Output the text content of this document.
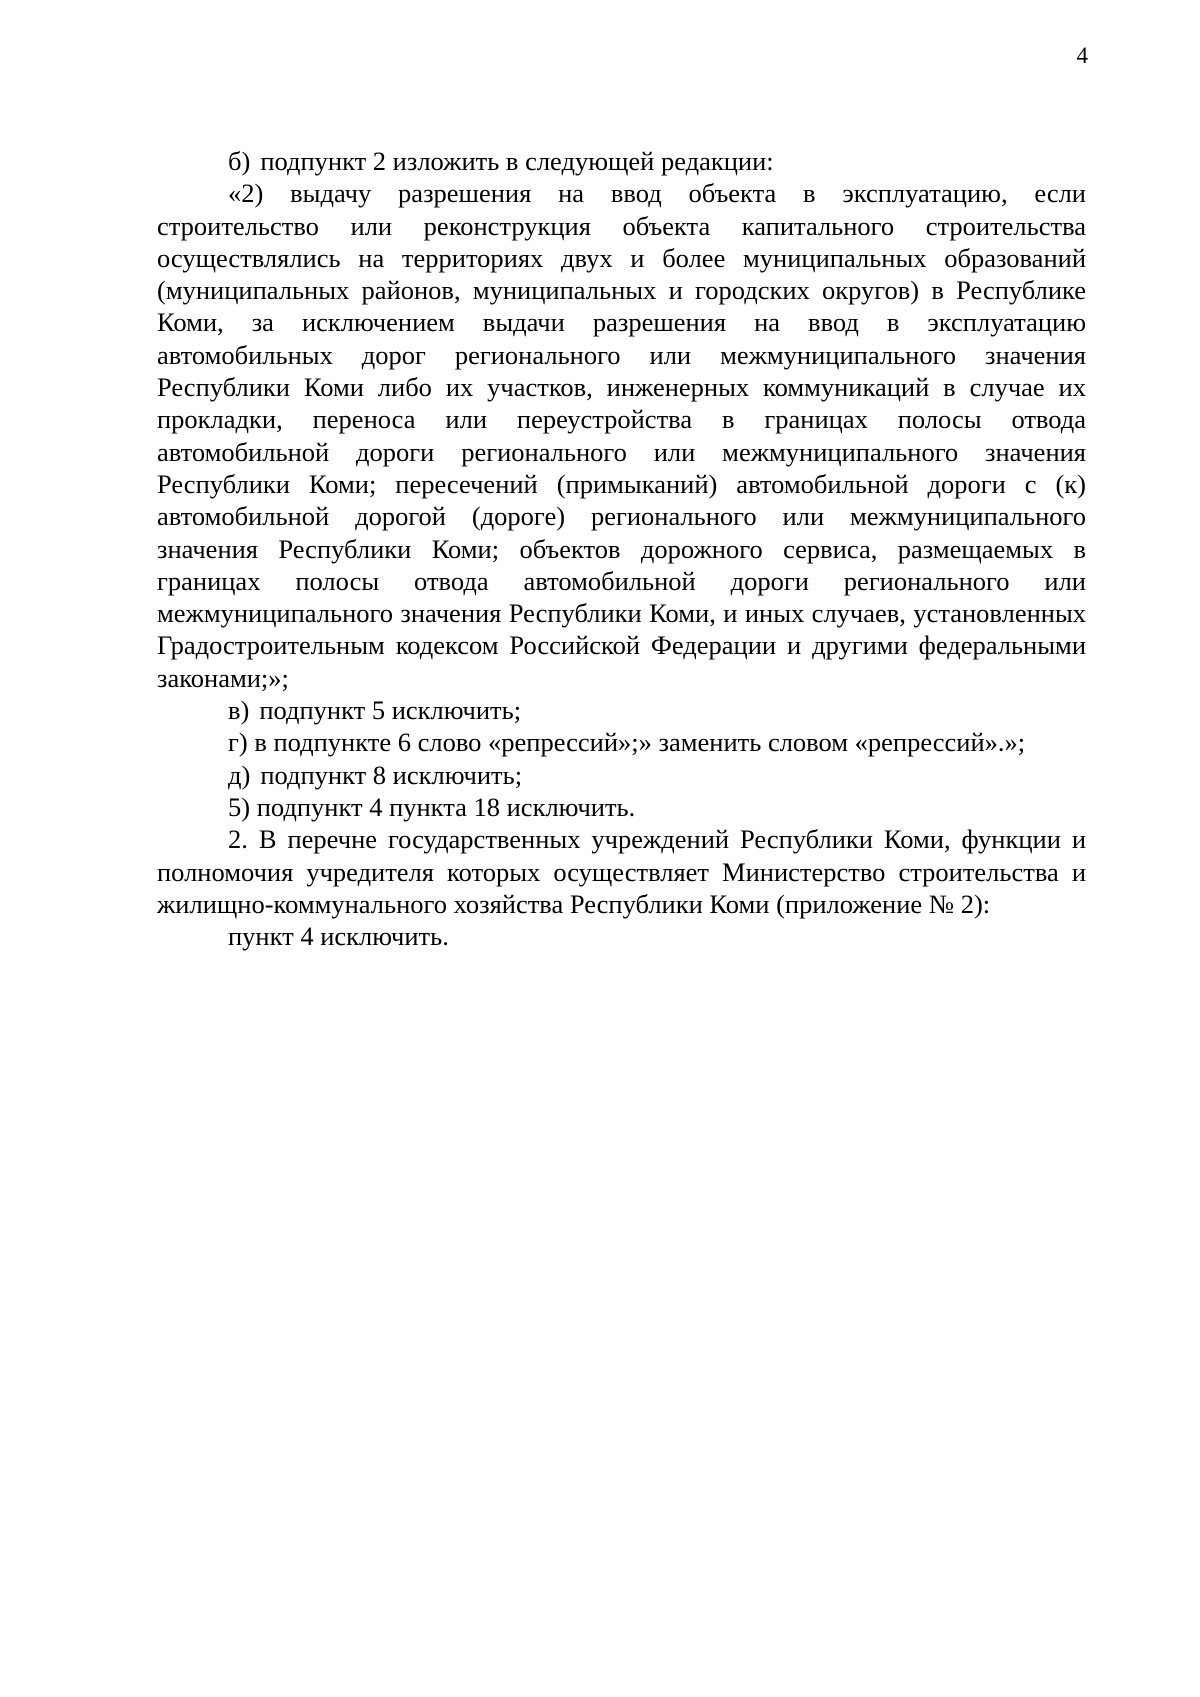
4

б) подпункт 2 изложить в следующей редакции:

«2) выдачу разрешения на ввод объекта в эксплуатацию, если строительство или реконструкция объекта капитального строительства осуществлялись на территориях двух и более муниципальных образований (муниципальных районов, муниципальных и городских округов) в Республике Коми, за исключением выдачи разрешения на ввод в эксплуатацию автомобильных дорог регионального или межмуниципального значения Республики Коми либо их участков, инженерных коммуникаций в случае их прокладки, переноса или переустройства в границах полосы отвода автомобильной дороги регионального или межмуниципального значения Республики Коми; пересечений (примыканий) автомобильной дороги с (к) автомобильной дорогой (дороге) регионального или межмуниципального значения Республики Коми; объектов дорожного сервиса, размещаемых в границах полосы отвода автомобильной дороги регионального или межмуниципального значения Республики Коми, и иных случаев, установленных Градостроительным кодексом Российской Федерации и другими федеральными законами;»;

в) подпункт 5 исключить;

г) в подпункте 6 слово «репрессий»;» заменить словом «репрессий».»;

д) подпункт 8 исключить;

5) подпункт 4 пункта 18 исключить.

2. В перечне государственных учреждений Республики Коми, функции и полномочия учредителя которых осуществляет Министерство строительства и жилищно-коммунального хозяйства Республики Коми (приложение № 2):

пункт 4 исключить.
